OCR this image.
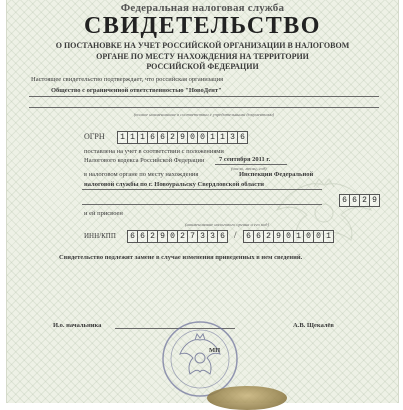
Федеральная налоговая служба
СВИДЕТЕЛЬСТВО
О ПОСТАНОВКЕ НА УЧЕТ РОССИЙСКОЙ ОРГАНИЗАЦИИ В НАЛОГОВОМ
ОРГАНЕ ПО МЕСТУ НАХОЖДЕНИЯ НА ТЕРРИТОРИИ
РОССИЙСКОЙ ФЕДЕРАЦИИ
Настоящее свидетельство подтверждает, что российская организация
Общество с ограниченной ответственностью "НовоДент"
(полное наименование в соответствии с учредительными документами)
ОГРН	1 1 1 6 6 2 9 0 0 1 1 3 6
поставлена на учет в соответствии с положениями
Налогового кодекса Российской Федерации 7 сентября 2011 г.
(число, месяц, год)
в налоговом органе по месту нахождения	Инспекции Федеральной
налоговой службы по г. Новоуральску Свердловской области
6 6 2 9
и ей присвоен
(наименование налогового органа и его код)
ИНН/КПП	6 6 2 9 0 2 7 3 3 6	/	6 6 2 9 0 1 0 0 1
Свидетельство подлежит замене в случае изменения приведенных в нем сведений.
И.о. начальника	А.В. Щекалёв
МП
